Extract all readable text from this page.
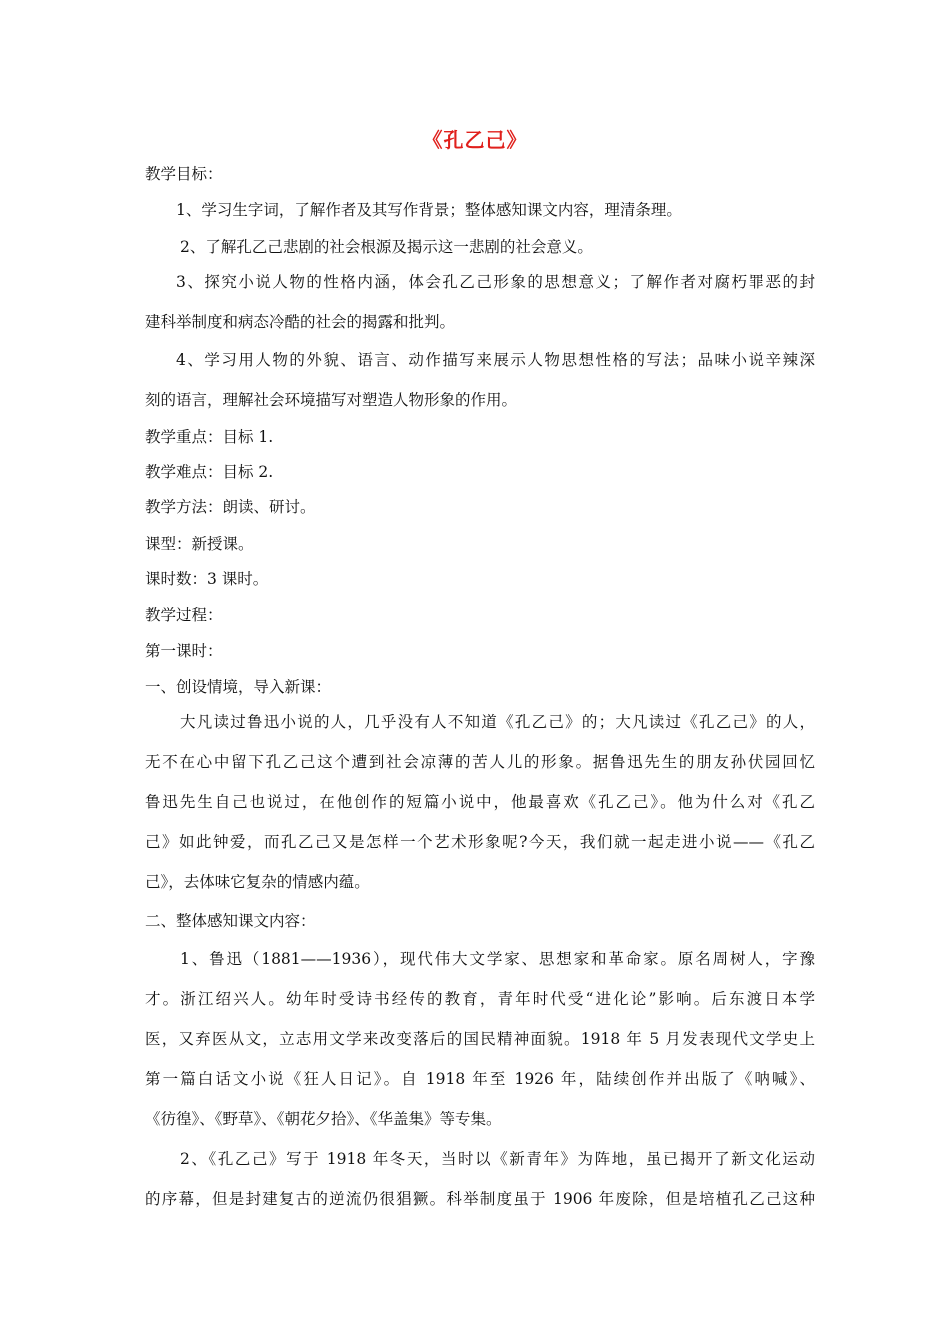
《孔乙己》
教学目标：
1、学习生字词，了解作者及其写作背景；整体感知课文内容，理清条理。
2、了解孔乙己悲剧的社会根源及揭示这一悲剧的社会意义。
3、探究小说人物的性格内涵，体会孔乙己形象的思想意义；了解作者对腐朽罪恶的封
建科举制度和病态冷酷的社会的揭露和批判。
4、学习用人物的外貌、语言、动作描写来展示人物思想性格的写法；品味小说辛辣深
刻的语言，理解社会环境描写对塑造人物形象的作用。
教学重点：目标 1.
教学难点：目标 2.
教学方法：朗读、研讨。
课型：新授课。
课时数：3 课时。
教学过程：
第一课时：
一、创设情境，导入新课：
大凡读过鲁迅小说的人，几乎没有人不知道《孔乙己》的；大凡读过《孔乙己》的人，
无不在心中留下孔乙己这个遭到社会凉薄的苦人儿的形象。据鲁迅先生的朋友孙伏园回忆
鲁迅先生自己也说过，在他创作的短篇小说中，他最喜欢《孔乙己》。他为什么对《孔乙
己》如此钟爱，而孔乙己又是怎样一个艺术形象呢?今天，我们就一起走进小说——《孔乙
己》，去体味它复杂的情感内蕴。
二、整体感知课文内容：
1、鲁迅（1881——1936），现代伟大文学家、思想家和革命家。原名周树人，字豫
才。浙江绍兴人。幼年时受诗书经传的教育，青年时代受“进化论”影响。后东渡日本学
医，又弃医从文，立志用文学来改变落后的国民精神面貌。1918 年 5 月发表现代文学史上
第一篇白话文小说《狂人日记》。自 1918 年至 1926 年，陆续创作并出版了《呐喊》、
《彷徨》、《野草》、《朝花夕拾》、《华盖集》等专集。
2、《孔乙己》写于 1918 年冬天，当时以《新青年》为阵地，虽已揭开了新文化运动
的序幕，但是封建复古的逆流仍很猖獗。科举制度虽于 1906 年废除，但是培植孔乙己这种
